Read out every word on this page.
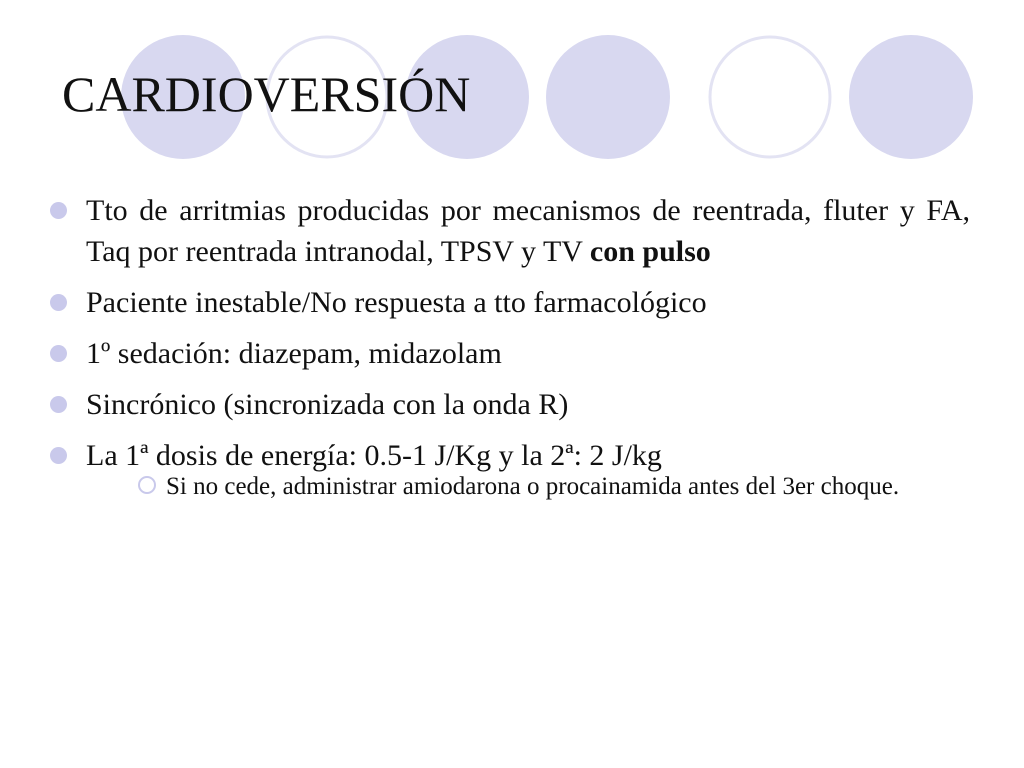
CARDIOVERSIÓN
Tto de arritmias producidas por mecanismos de reentrada, fluter y FA, Taq por reentrada intranodal, TPSV y TV con pulso
Paciente inestable/No respuesta a tto farmacológico
1º sedación: diazepam, midazolam
Sincrónico (sincronizada con la onda R)
La 1ª dosis de energía: 0.5-1 J/Kg y la 2ª: 2 J/kg
Si no cede, administrar amiodarona o procainamida antes del 3er choque.
